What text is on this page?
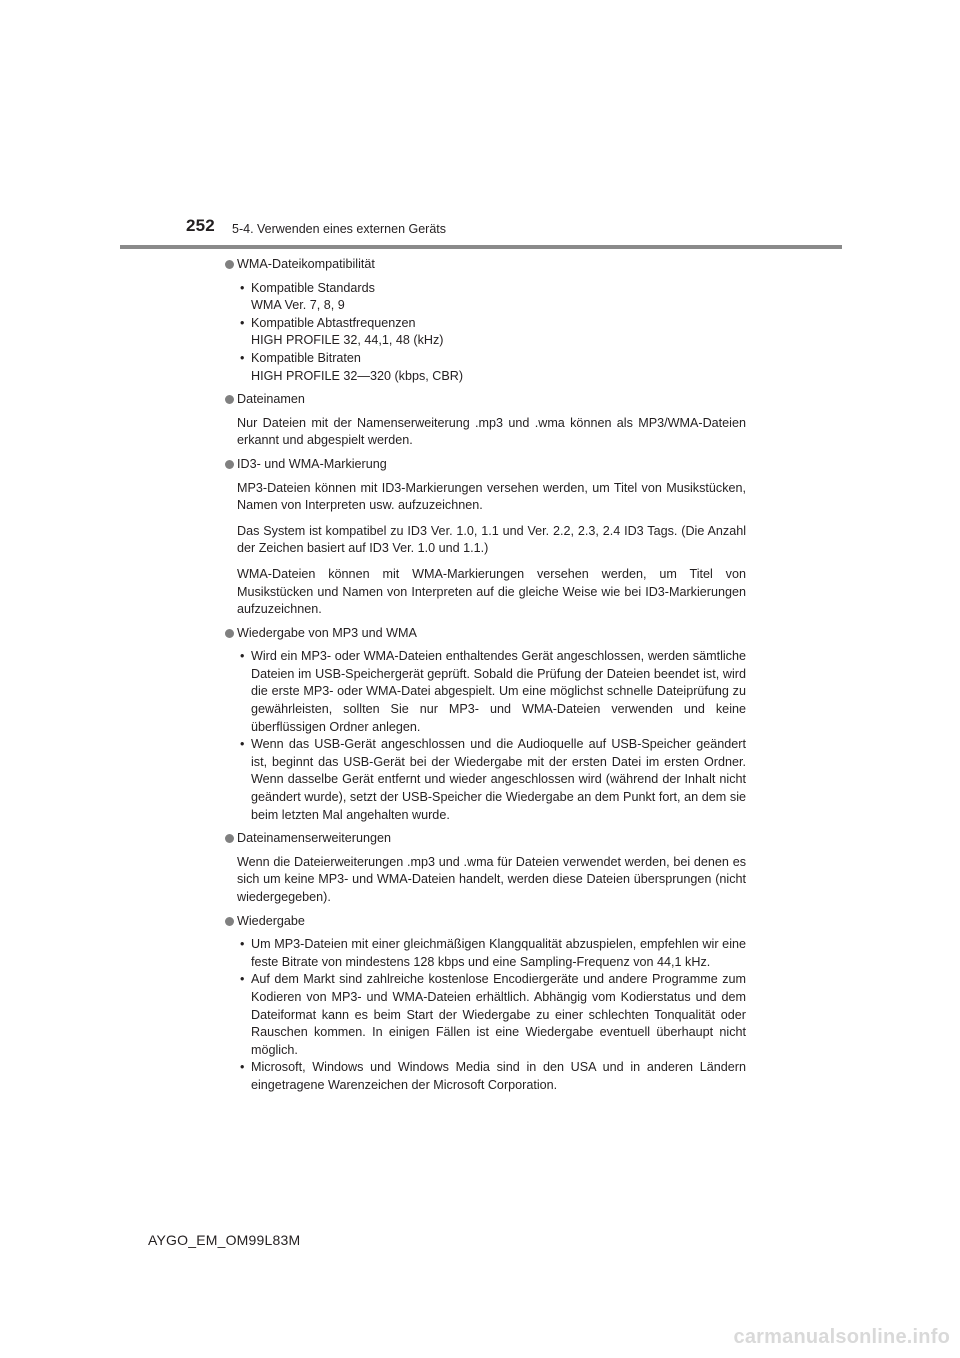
252 5-4. Verwenden eines externen Geräts
WMA-Dateikompatibilität
• Kompatible Standards
WMA Ver. 7, 8, 9
• Kompatible Abtastfrequenzen
HIGH PROFILE 32, 44,1, 48 (kHz)
• Kompatible Bitraten
HIGH PROFILE 32—320 (kbps, CBR)
Dateinamen

Nur Dateien mit der Namenserweiterung .mp3 und .wma können als MP3/WMA-Dateien erkannt und abgespielt werden.

ID3- und WMA-Markierung

MP3-Dateien können mit ID3-Markierungen versehen werden, um Titel von Musikstücken, Namen von Interpreten usw. aufzuzeichnen.

Das System ist kompatibel zu ID3 Ver. 1.0, 1.1 und Ver. 2.2, 2.3, 2.4 ID3 Tags. (Die Anzahl der Zeichen basiert auf ID3 Ver. 1.0 und 1.1.)

WMA-Dateien können mit WMA-Markierungen versehen werden, um Titel von Musikstücken und Namen von Interpreten auf die gleiche Weise wie bei ID3-Markierungen aufzuzeichnen.

Wiedergabe von MP3 und WMA
• Wird ein MP3- oder WMA-Dateien enthaltendes Gerät angeschlossen, werden sämtliche Dateien im USB-Speichergerät geprüft. Sobald die Prüfung der Dateien beendet ist, wird die erste MP3- oder WMA-Datei abgespielt. Um eine möglichst schnelle Dateiprüfung zu gewährleisten, sollten Sie nur MP3- und WMA-Dateien verwenden und keine überflüssigen Ordner anlegen.
• Wenn das USB-Gerät angeschlossen und die Audioquelle auf USB-Speicher geändert ist, beginnt das USB-Gerät bei der Wiedergabe mit der ersten Datei im ersten Ordner. Wenn dasselbe Gerät entfernt und wieder angeschlossen wird (während der Inhalt nicht geändert wurde), setzt der USB-Speicher die Wiedergabe an dem Punkt fort, an dem sie beim letzten Mal angehalten wurde.
Dateinamenserweiterungen

Wenn die Dateierweiterungen .mp3 und .wma für Dateien verwendet werden, bei denen es sich um keine MP3- und WMA-Dateien handelt, werden diese Dateien übersprungen (nicht wiedergegeben).

Wiedergabe
• Um MP3-Dateien mit einer gleichmäßigen Klangqualität abzuspielen, empfehlen wir eine feste Bitrate von mindestens 128 kbps und eine Sampling-Frequenz von 44,1 kHz.
• Auf dem Markt sind zahlreiche kostenlose Encodiergeräte und andere Programme zum Kodieren von MP3- und WMA-Dateien erhältlich. Abhängig vom Kodierstatus und dem Dateiformat kann es beim Start der Wiedergabe zu einer schlechten Tonqualität oder Rauschen kommen. In einigen Fällen ist eine Wiedergabe eventuell überhaupt nicht möglich.
• Microsoft, Windows und Windows Media sind in den USA und in anderen Ländern eingetragene Warenzeichen der Microsoft Corporation.
AYGO_EM_OM99L83M
carmanualsonline.info
